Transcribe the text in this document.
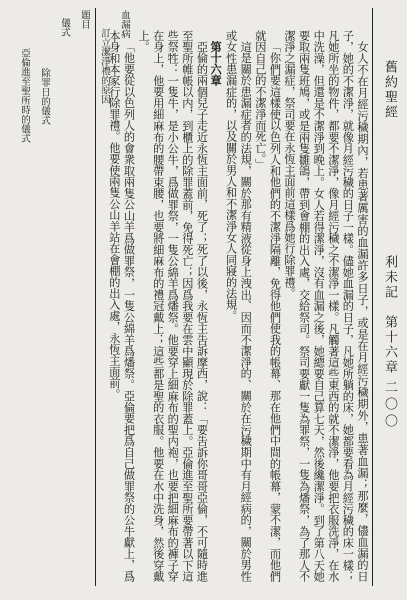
舊約聖經
利未記　第十六章
二〇〇
血漏病
訂立潔淨禮的原因
題目
儀式
除罪日的儀式
亞倫進至聖所時的儀式	女人不在月經污穢期內，若患著厲害的血漏許多日子，或是在月經污穢期外，患著血漏；那麼，儘血漏的日子，她的不潔淨，就像月經污穢的日子一樣。儘她血漏的日子，凡她所躺的床，她都要看為月經污穢的床一樣；凡她所坐的物件，都要不潔淨，像月經污穢之不潔淨一樣。凡觸著這些東西的就不潔淨，他要把衣服洗淨，在水中洗澡，但還是不潔淨到晚上。女人若得潔淨，沒有血漏之後，她總要自己算七天，然後纔潔淨。到了第八天她要取兩隻班鳩，或是兩隻雛鴿，帶到會棚的出入處，交給祭司。祭司要獻一隻為罪祭，一隻為燔祭，為了那人不潔淨之漏症，祭司要在永恆主面前這樣爲她行除罪禮。

「你們要這樣使以色列人和他們的不潔淨隔離，免得他們使我的帳幕、那在他們中間的帳幕，蒙不潔，而他們就因自己的不潔淨而死亡。」

這是關於患漏症者的法規，關於那有精液從身上洩出、因而不潔淨的、關於在污穢期中有月經病的，關於男性或女性患漏症的，以及關於男人和不潔淨女人同寢的法規。

第十六章

亞倫的兩個兒子走近永恆主面前，死了；死了以後，永恆主吿訴摩西，說：「要吿訴你哥哥亞倫，不可隨時進至聖所帷帳以内，到櫃上的除罪蓋前，免得死亡；因爲我要在雲中顯現於除罪蓋上。亞倫進至聖所要帶著以下這些祭牲：一隻牛，是小公牛，爲做罪祭，一隻公綿羊爲燔祭。他要穿上細麻布的聖内袍，也要把細麻布的褲子穿在身上，他要用細麻布的腰帶束腰，也要將細麻布的禮冠戴上；這些都是聖的衣服。他要在水中洗身，然後穿戴上。

「他要從以色列人的會衆取兩隻公山羊爲做罪祭，一隻公綿羊爲燔祭。亞倫要把爲自己做罪祭的公牛獻上，爲本身和本家行除罪禮。他要使兩隻公山羊站在會棚的出入處，永恆主面前。
